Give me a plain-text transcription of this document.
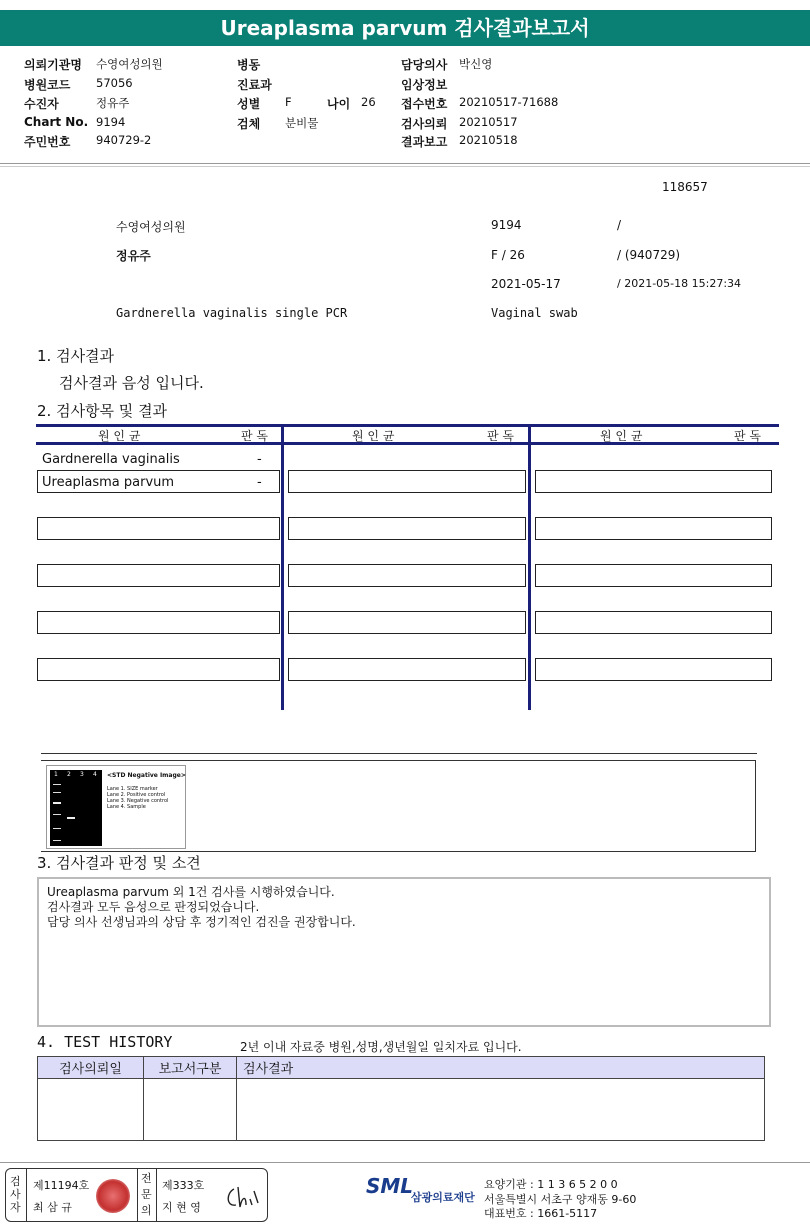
Ureaplasma parvum 검사결과보고서
의뢰기관명 수영여성의원
병원코드 57056
수진자	정유주
Chart No. 9194
주민번호 940729-2
병동
진료과
성별 F	나이 26
검체 분비물
담당의사 박신영
임상정보
접수번호 20210517-71688
검사의뢰 20210517
결과보고 20210518
118657
수영여성의원	9194	/
정유주	F / 26	/ (940729)
2021-05-17	/ 2021-05-18 15:27:34
Gardnerella vaginalis single PCR	Vaginal swab
1. 검사결과
검사결과 음성 입니다.
2. 검사항목 및 결과
원 인 균	판 독	원 인 균	판 독	원 인 균	판 독
Gardnerella vaginalis	-
Ureaplasma parvum	-
1 2 3 4 <STD Negative Image>
Lane 1. SIZE marker
Lane 2. Positive control
Lane 3. Negative control
Lane 4. Sample
3. 검사결과 판정 및 소견
Ureaplasma parvum 외 1건 검사를 시행하였습니다.
검사결과 모두 음성으로 판정되었습니다.
담당 의사 선생님과의 상담 후 정기적인 검진을 권장합니다.
4. TEST HISTORY	2년 이내 자료중 병원,성명,생년월일 일치자료 입니다.
검사의뢰일	보고서구분	검사결과

검사자
제11194호
최 삼 규
전문의
제333호
지 현 영
SML
삼광의료재단
요양기관 : 1 1 3 6 5 2 0 0
서울특별시 서초구 양재동 9-60
대표번호 : 1661-5117
